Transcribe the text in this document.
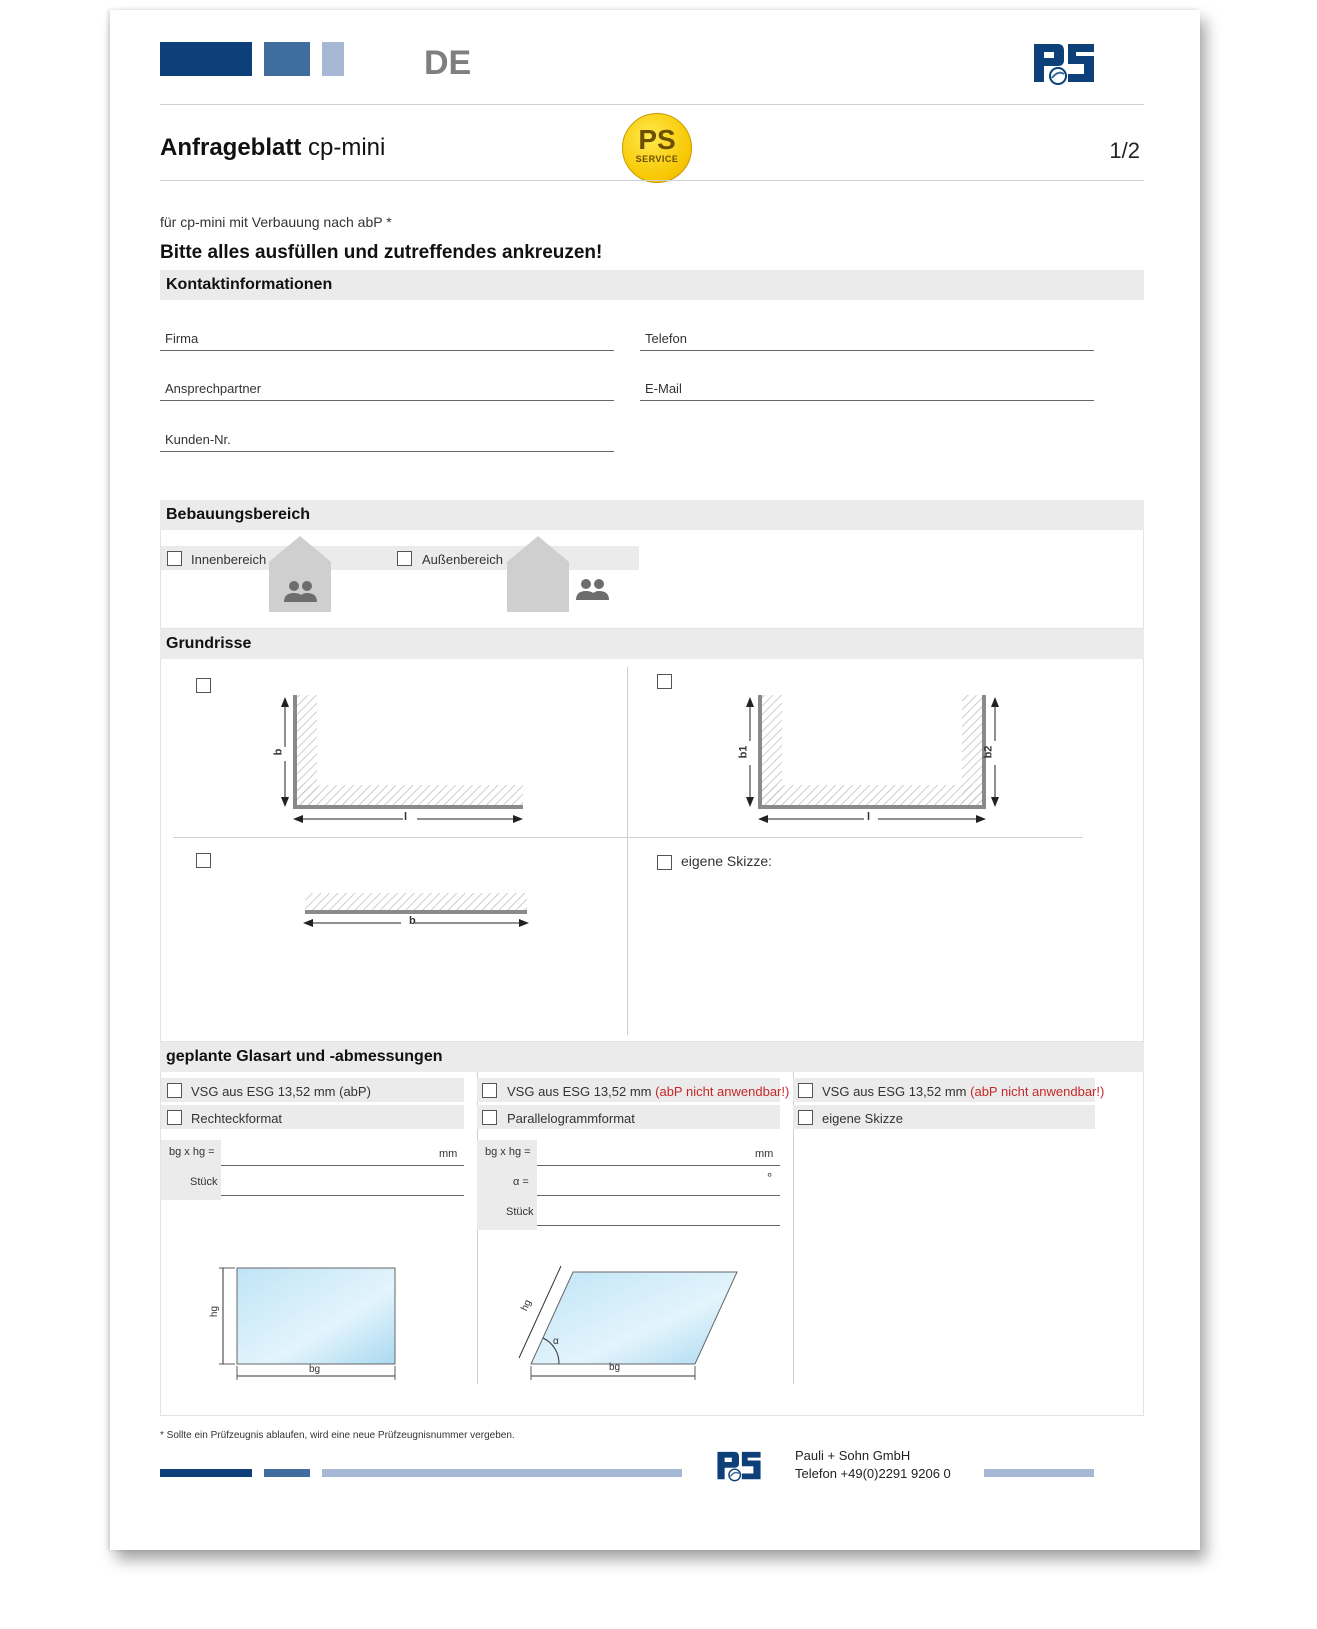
DE
Anfrageblatt cp-mini	PS
SERVICE	1/2
für cp-mini mit Verbauung nach abP *
Bitte alles ausfüllen und zutreffendes ankreuzen!
Kontaktinformationen
Firma	Telefon
Ansprechpartner	E-Mail
Kunden-Nr.
Bebauungsbereich
Innenbereich	Außenbereich
Grundrisse
b
l
b1	b2
l
b
eigene Skizze:
geplante Glasart und -abmessungen
VSG aus ESG 13,52 mm (abP)
Rechteckformat
bg x hg =	mm
Stück
hg
bg
VSG aus ESG 13,52 mm (abP nicht anwendbar!)
Parallelogrammformat
bg x hg =	mm
α =	°
Stück
hg
α
bg
VSG aus ESG 13,52 mm (abP nicht anwendbar!)
eigene Skizze
* Sollte ein Prüfzeugnis ablaufen, wird eine neue Prüfzeugnisnummer vergeben.
Pauli + Sohn GmbH
Telefon +49(0)2291 9206 0
